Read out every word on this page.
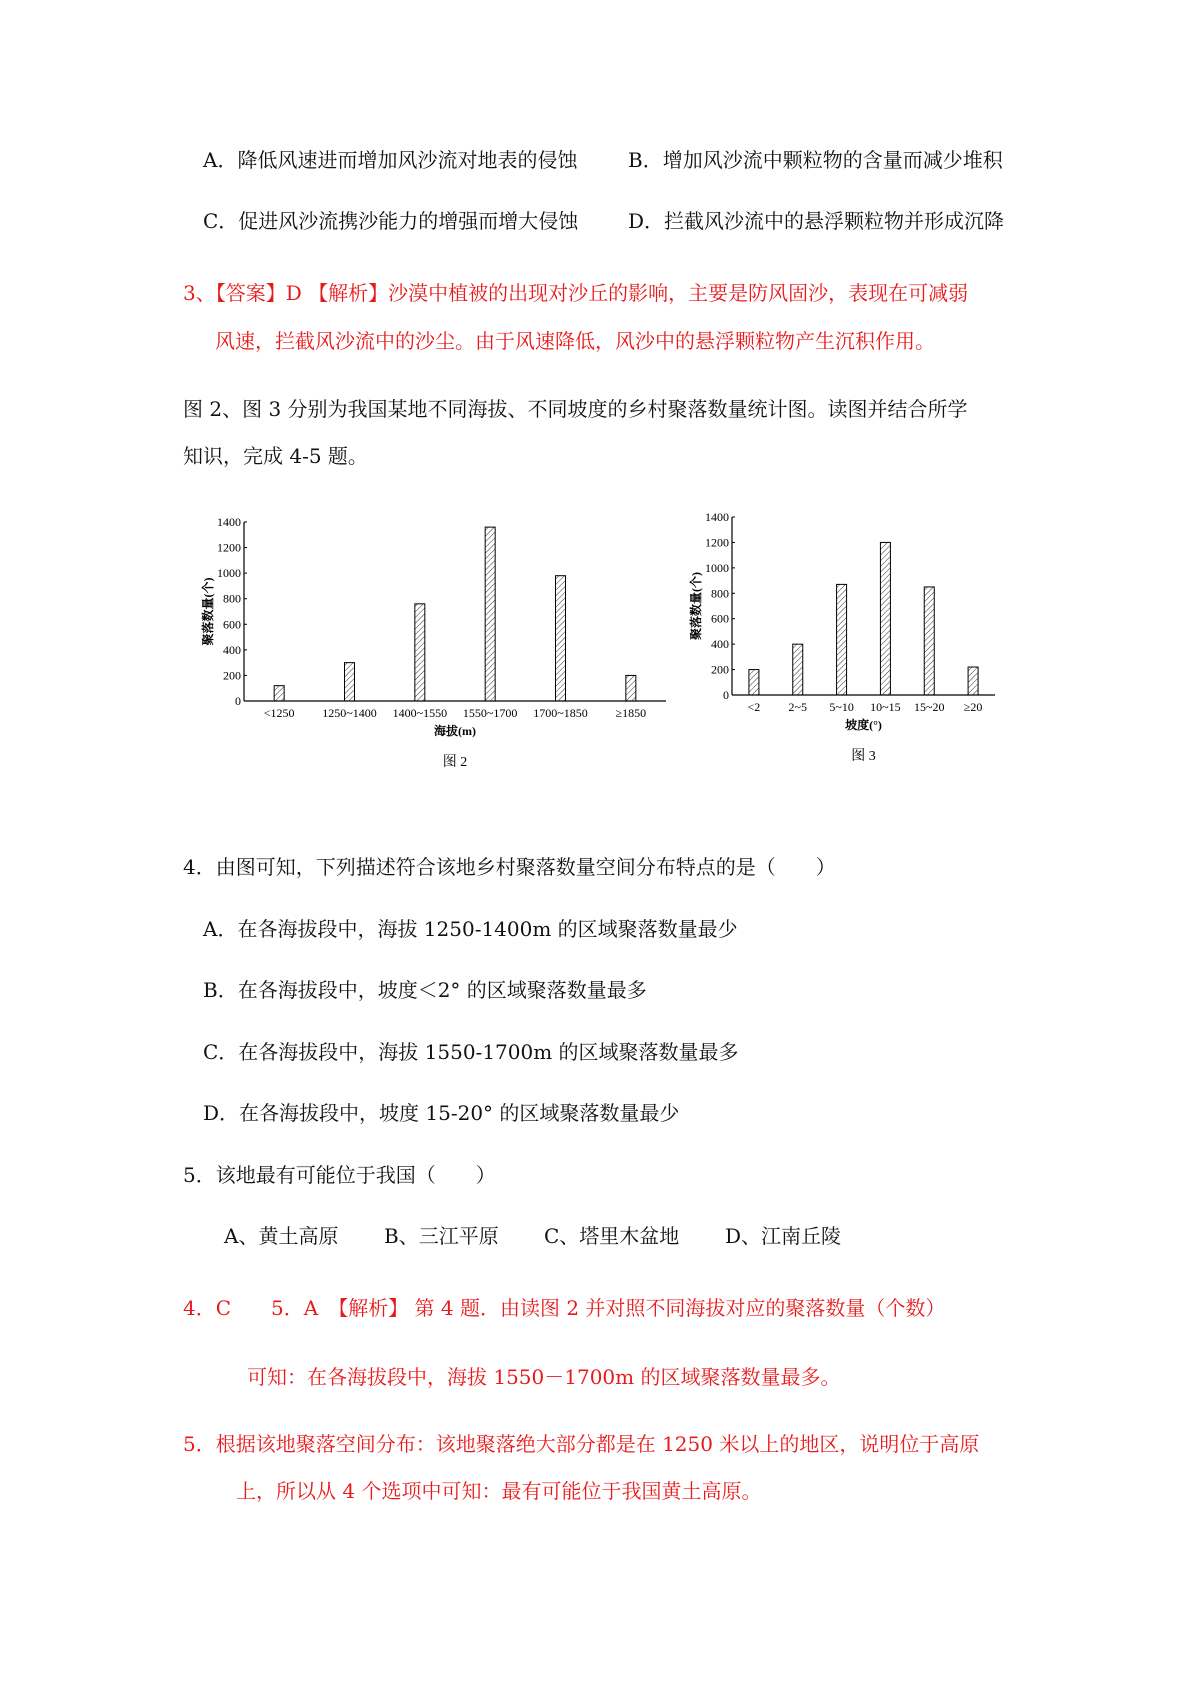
A．降低风速进而增加风沙流对地表的侵蚀	B．增加风沙流中颗粒物的含量而减少堆积
C．促进风沙流携沙能力的增强而增大侵蚀 D．拦截风沙流中的悬浮颗粒物并形成沉降
3、【答案】D 【解析】沙漠中植被的出现对沙丘的影响，主要是防风固沙，表现在可减弱
风速，拦截风沙流中的沙尘。由于风速降低，风沙中的悬浮颗粒物产生沉积作用。
图 2、图 3 分别为我国某地不同海拔、不同坡度的乡村聚落数量统计图。读图并结合所学
知识，完成 4-5 题。
0
200
400
600
800
1000
1200
1400
<1250 1250~1400 1400~1550 1550~1700 1700~1850 ≥1850
海拔(m)
图 2
聚落数量(个)
0
200
400
600
800
1000
1200
1400
<2 2~5 5~10 10~15 15~20 ≥20
坡度(°)
图 3
聚落数量(个)
4．由图可知，下列描述符合该地乡村聚落数量空间分布特点的是（　　）
A．在各海拔段中，海拔 1250-1400m 的区域聚落数量最少
B．在各海拔段中，坡度＜2° 的区域聚落数量最多
C．在各海拔段中，海拔 1550-1700m 的区域聚落数量最多
D．在各海拔段中，坡度 15-20° 的区域聚落数量最少
5．该地最有可能位于我国（　　）
A、黄土高原 B、三江平原 C、塔里木盆地 D、江南丘陵
4．C　　5．A　【解析】 第 4 题．由读图 2 并对照不同海拔对应的聚落数量（个数）
可知：在各海拔段中，海拔 1550－1700m 的区域聚落数量最多。
5．根据该地聚落空间分布：该地聚落绝大部分都是在 1250 米以上的地区，说明位于高原
上，所以从 4 个选项中可知：最有可能位于我国黄土高原。
